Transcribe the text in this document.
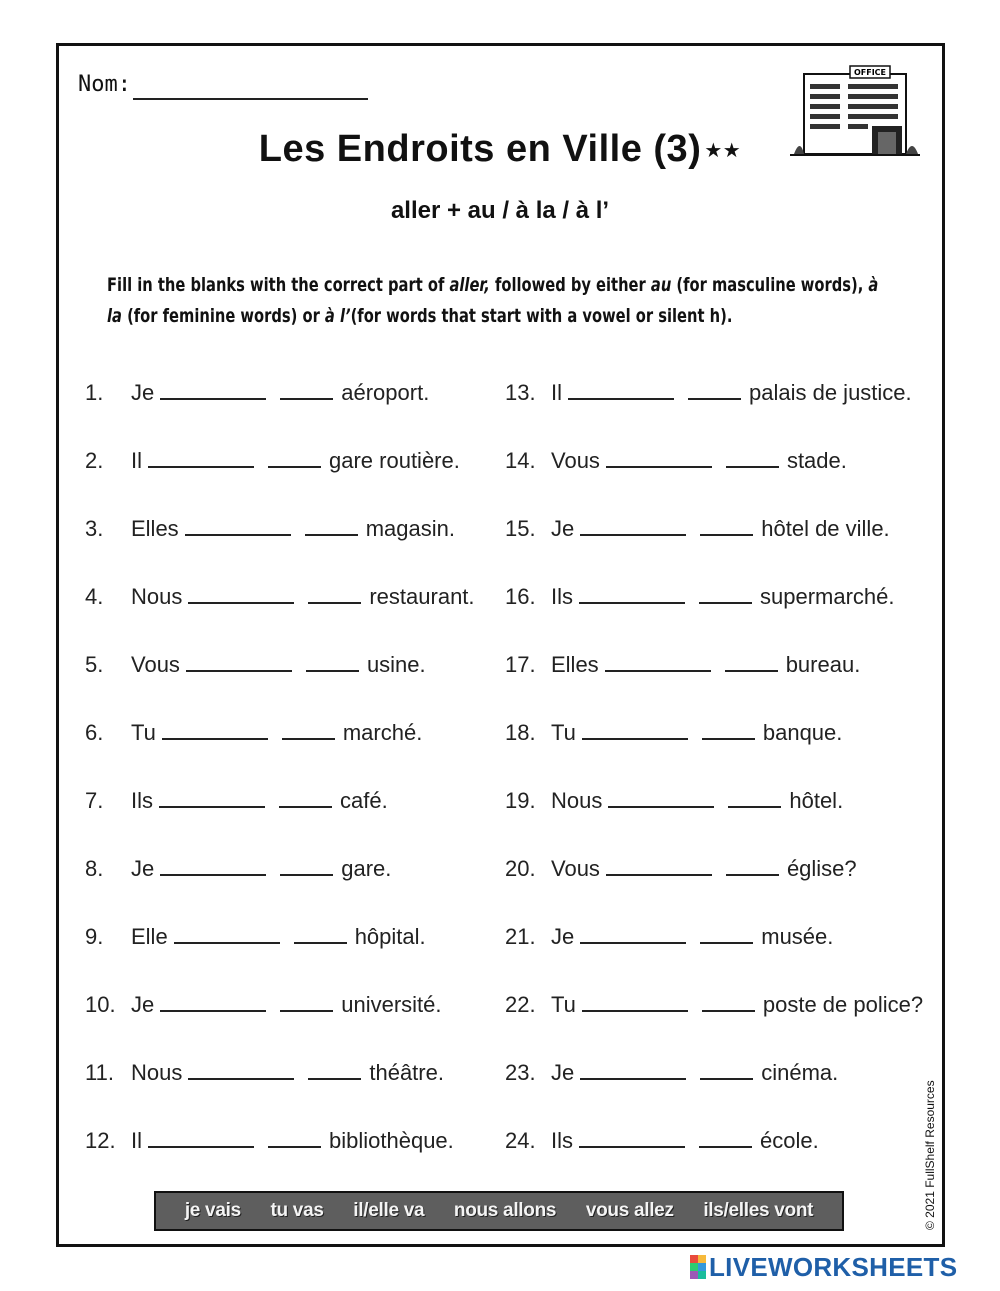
Nom:	OFFICE
Les Endroits en Ville (3) ★★
aller + au / à la / à l’
Fill in the blanks with the correct part of aller, followed by either au (for masculine words), à la (for feminine words) or à l’(for words that start with a vowel or silent h).
1. Je	aéroport.
2. Il	gare routière.
3. Elles	magasin.
4. Nous	restaurant.
5. Vous	usine.
6. Tu	marché.
7. Ils	café.
8. Je	gare.
9. Elle	hôpital.
10. Je	université.
11. Nous	théâtre.
12. Il	bibliothèque.
13. Il	palais de justice.
14. Vous	stade.
15. Je	hôtel de ville.
16. Ils	supermarché.
17. Elles	bureau.
18. Tu	banque.
19. Nous	hôtel.
20. Vous	église?
21. Je	musée.
22. Tu	poste de police?
23. Je	cinéma.
24. Ils	école.
je vais tu vas il/elle va nous allons vous allez ils/elles vont	© 2021 FullShelf Resources
LIVEWORKSHEETS
